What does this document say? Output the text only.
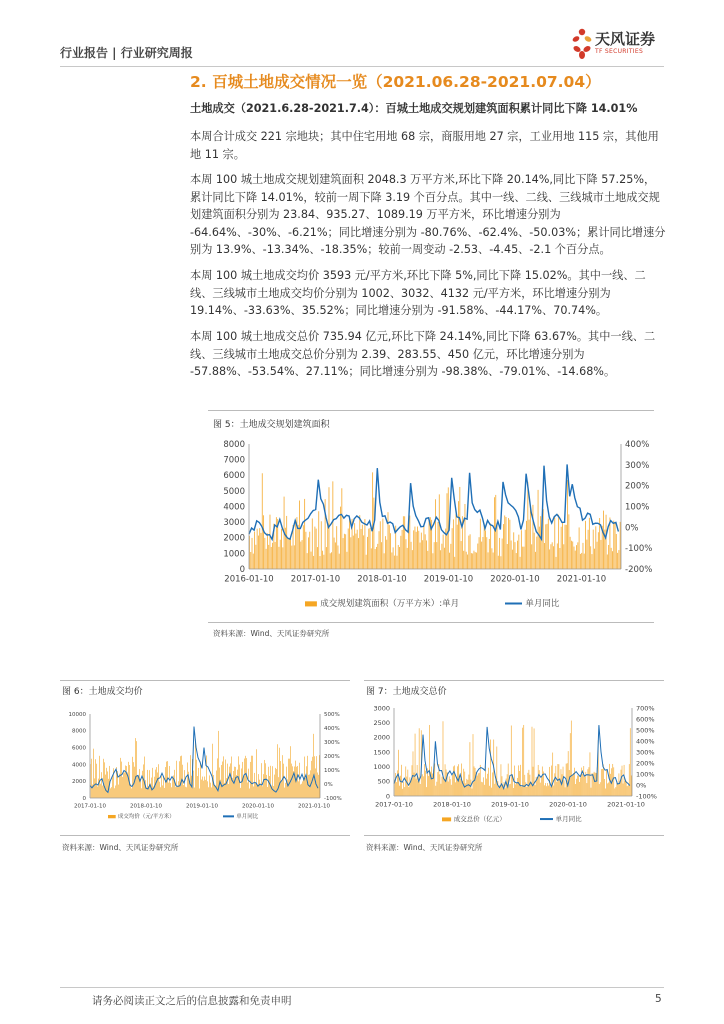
行业报告 | 行业研究周报
天风证券
TF SECURITIES
2. 百城土地成交情况一览（2021.06.28-2021.07.04）

土地成交（2021.6.28-2021.7.4）：百城土地成交规划建筑面积累计同比下降 14.01%

本周合计成交 221 宗地块；其中住宅用地 68 宗，商服用地 27 宗，工业用地 115 宗，其他用地 11 宗。

本周 100 城土地成交规划建筑面积 2048.3 万平方米,环比下降 20.14%,同比下降 57.25%，累计同比下降 14.01%，较前一周下降 3.19 个百分点。其中一线、二线、三线城市土地成交规划建筑面积分别为 23.84、935.27、1089.19 万平方米，环比增速分别为 -64.64%、-30%、-6.21%；同比增速分别为 -80.76%、-62.4%、-50.03%；累计同比增速分别为 13.9%、-13.34%、-18.35%；较前一周变动 -2.53、-4.45、-2.1 个百分点。

本周 100 城土地成交均价 3593 元/平方米,环比下降 5%,同比下降 15.02%。其中一线、二线、三线城市土地成交均价分别为 1002、3032、4132 元/平方米，环比增速分别为 19.14%、-33.63%、35.52%；同比增速分别为 -91.58%、-44.17%、70.74%。

本周 100 城土地成交总价 735.94 亿元,环比下降 24.14%,同比下降 63.67%。其中一线、二线、三线城市土地成交总价分别为 2.39、283.55、450 亿元，环比增速分别为 -57.88%、-53.54%、27.11%；同比增速分别为 -98.38%、-79.01%、-14.68%。

图 5：土地成交规划建筑面积
8000
7000
6000
5000
4000
3000
2000
1000
0
400%
300%
200%
100%
0%
-100%
-200%
2016-01-10 2017-01-10 2018-01-10 2019-01-10 2020-01-10 2021-01-10
成交规划建筑面积（万平方米）:单月	单月同比
资料来源：Wind、天风证券研究所
图 6：土地成交均价
10000
8000
6000
4000
2000
0
500%
400%
300%
200%
100%
0%
-100%
2017-01-10	2018-01-10	2019-01-10	2020-01-10	2021-01-10
成交均价（元/平方米）	单月同比
资料来源：Wind、天风证券研究所
图 7：土地成交总价
3000
2500
2000
1500
1000
500
0
700%
600%
500%
400%
300%
200%
100%
0%
-100%
2017-01-10	2018-01-10	2019-01-10	2020-01-10	2021-01-10
成交总价（亿元）	单月同比
资料来源：Wind、天风证券研究所
请务必阅读正文之后的信息披露和免责申明	5
